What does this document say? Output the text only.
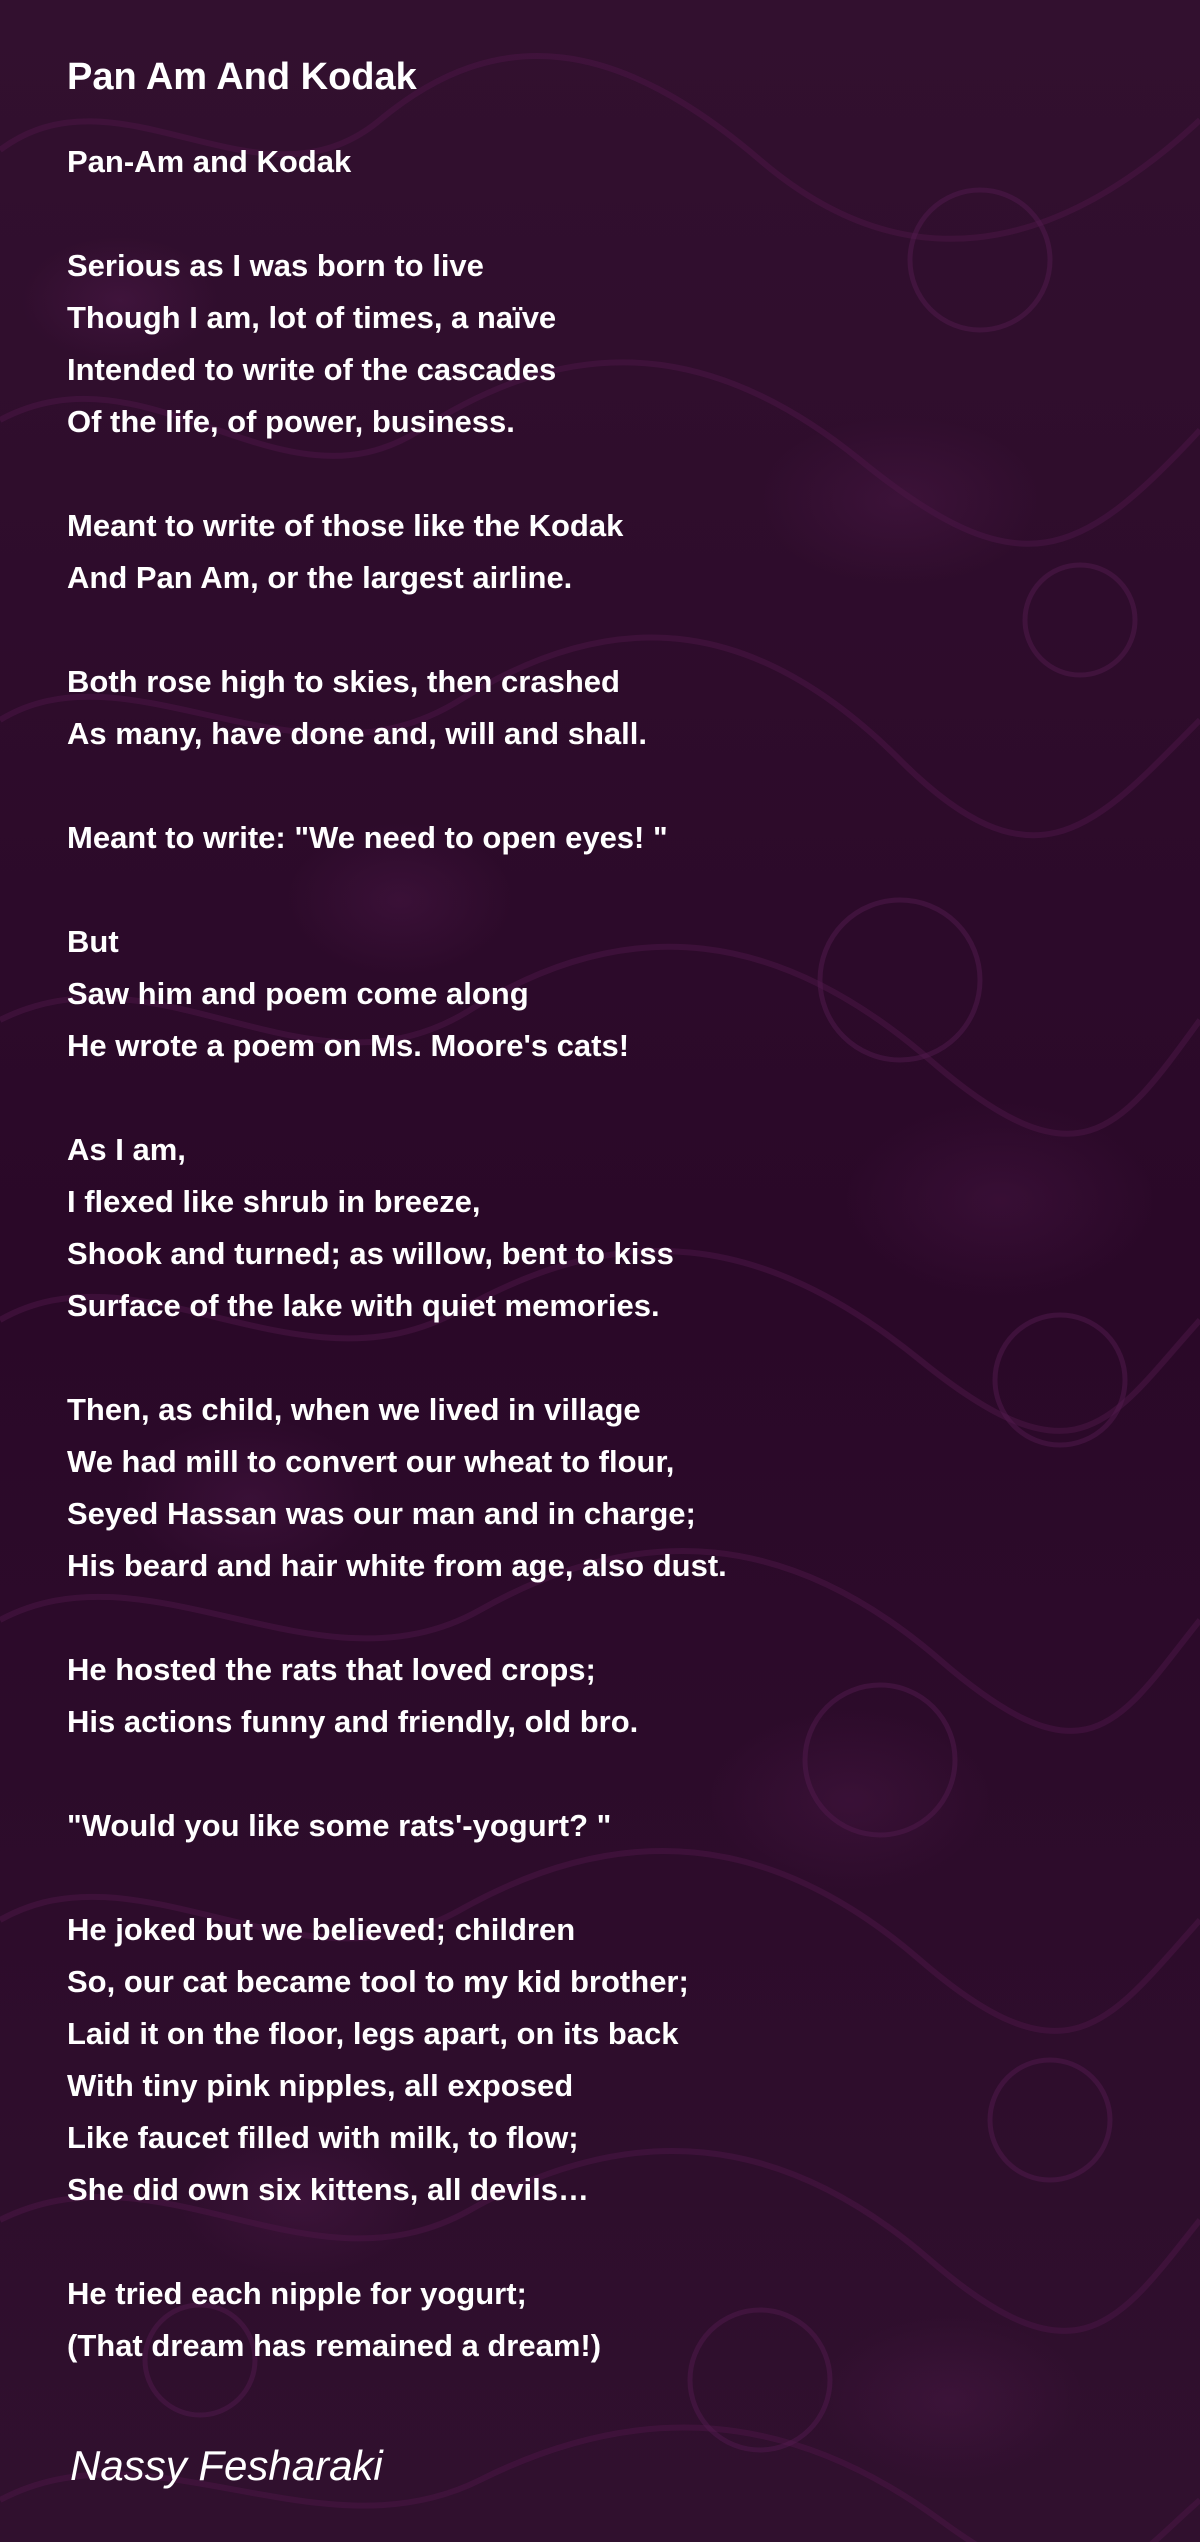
Pan Am And Kodak
Pan-Am and Kodak
Serious as I was born to live
Though I am, lot of times, a naïve
Intended to write of the cascades
Of the life, of power, business.
Meant to write of those like the Kodak
And Pan Am, or the largest airline.
Both rose high to skies, then crashed
As many, have done and, will and shall.
Meant to write: "We need to open eyes! "
But
Saw him and poem come along
He wrote a poem on Ms. Moore's cats!
As I am,
I flexed like shrub in breeze,
Shook and turned; as willow, bent to kiss
Surface of the lake with quiet memories.
Then, as child, when we lived in village
We had mill to convert our wheat to flour,
Seyed Hassan was our man and in charge;
His beard and hair white from age, also dust.
He hosted the rats that loved crops;
His actions funny and friendly, old bro.
"Would you like some rats'-yogurt? "
He joked but we believed; children
So, our cat became tool to my kid brother;
Laid it on the floor, legs apart, on its back
With tiny pink nipples, all exposed
Like faucet filled with milk, to flow;
She did own six kittens, all devils…
He tried each nipple for yogurt;
(That dream has remained a dream!)
Nassy Fesharaki
